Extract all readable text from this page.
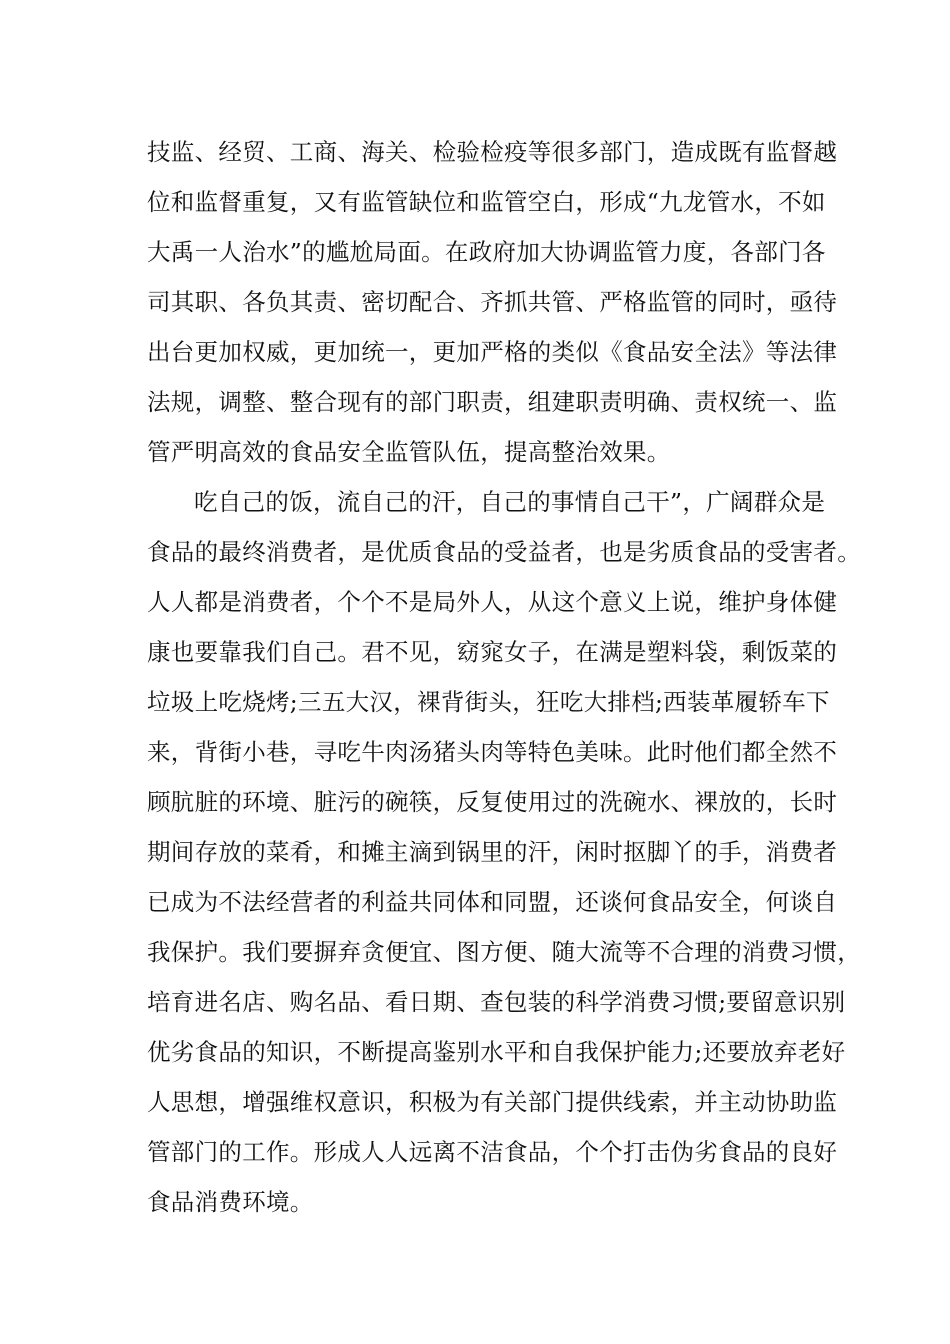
技监、经贸、工商、海关、检验检疫等很多部门，造成既有监督越
位和监督重复，又有监管缺位和监管空白，形成“九龙管水，不如
大禹一人治水”的尴尬局面。在政府加大协调监管力度，各部门各
司其职、各负其责、密切配合、齐抓共管、严格监管的同时，亟待
出台更加权威，更加统一，更加严格的类似《食品安全法》等法律
法规，调整、整合现有的部门职责，组建职责明确、责权统一、监
管严明高效的食品安全监管队伍，提高整治效果。
吃自己的饭，流自己的汗，自己的事情自己干”，广阔群众是
食品的最终消费者，是优质食品的受益者，也是劣质食品的受害者。
人人都是消费者，个个不是局外人，从这个意义上说，维护身体健
康也要靠我们自己。君不见，窈窕女子，在满是塑料袋，剩饭菜的
垃圾上吃烧烤;三五大汉，裸背街头，狂吃大排档;西装革履轿车下
来，背街小巷，寻吃牛肉汤猪头肉等特色美味。此时他们都全然不
顾肮脏的环境、脏污的碗筷，反复使用过的洗碗水、裸放的，长时
期间存放的菜肴，和摊主滴到锅里的汗，闲时抠脚丫的手，消费者
已成为不法经营者的利益共同体和同盟，还谈何食品安全，何谈自
我保护。我们要摒弃贪便宜、图方便、随大流等不合理的消费习惯，
培育进名店、购名品、看日期、查包装的科学消费习惯;要留意识别
优劣食品的知识，不断提高鉴别水平和自我保护能力;还要放弃老好
人思想，增强维权意识，积极为有关部门提供线索，并主动协助监
管部门的工作。形成人人远离不洁食品，个个打击伪劣食品的良好
食品消费环境。
